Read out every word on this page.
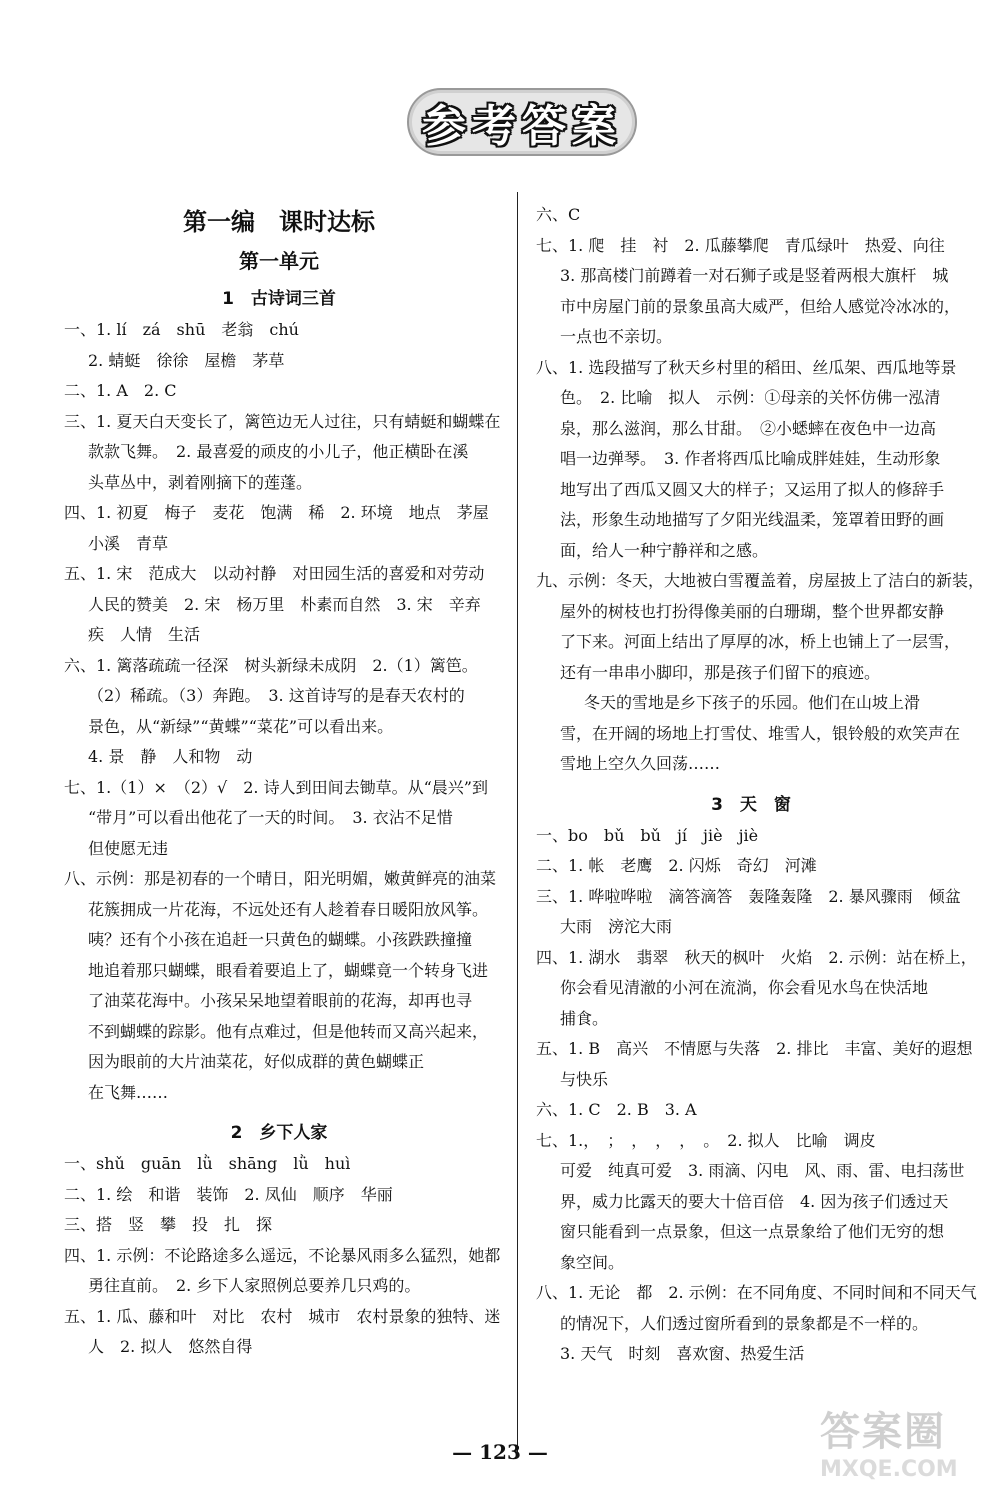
参考答案
第一编　课时达标
第一单元
1　古诗词三首
一、1. lí　zá　shū　老翁　chú
2. 蜻蜓　徐徐　屋檐　茅草
二、1. A　2. C
三、1. 夏天白天变长了，篱笆边无人过往，只有蜻蜓和蝴蝶在
款款飞舞。　2. 最喜爱的顽皮的小儿子，他正横卧在溪
头草丛中，剥着刚摘下的莲蓬。
四、1. 初夏　梅子　麦花　饱满　稀　2. 环境　地点　茅屋
小溪　青草
五、1. 宋　范成大　以动衬静　对田园生活的喜爱和对劳动
人民的赞美　2. 宋　杨万里　朴素而自然　3. 宋　辛弃
疾　人情　生活
六、1. 篱落疏疏一径深　树头新绿未成阴　2.（1）篱笆。
（2）稀疏。（3）奔跑。　3. 这首诗写的是春天农村的
景色，从“新绿”“黄蝶”“菜花”可以看出来。
4. 景　静　人和物　动
七、1.（1）×　（2）√　2. 诗人到田间去锄草。从“晨兴”到
“带月”可以看出他花了一天的时间。　3. 衣沾不足惜
但使愿无违
八、示例：那是初春的一个晴日，阳光明媚，嫩黄鲜亮的油菜
花簇拥成一片花海，不远处还有人趁着春日暖阳放风筝。
咦？还有个小孩在追赶一只黄色的蝴蝶。小孩跌跌撞撞
地追着那只蝴蝶，眼看着要追上了，蝴蝶竟一个转身飞进
了油菜花海中。小孩呆呆地望着眼前的花海，却再也寻
不到蝴蝶的踪影。他有点难过，但是他转而又高兴起来，
因为眼前的大片油菜花，好似成群的黄色蝴蝶正
在飞舞……
2　乡下人家
一、shǔ　guān　lǜ　shāng　lǜ　huì
二、1. 绘　和谐　装饰　2. 凤仙　顺序　华丽
三、搭　竖　攀　投　扎　探
四、1. 示例：不论路途多么遥远，不论暴风雨多么猛烈，她都
勇往直前。　2. 乡下人家照例总要养几只鸡的。
五、1. 瓜、藤和叶　对比　农村　城市　农村景象的独特、迷
人　2. 拟人　悠然自得
六、C
七、1. 爬　挂　衬　2. 瓜藤攀爬　青瓜绿叶　热爱、向往
3. 那高楼门前蹲着一对石狮子或是竖着两根大旗杆　城
市中房屋门前的景象虽高大威严，但给人感觉冷冰冰的，
一点也不亲切。
八、1. 选段描写了秋天乡村里的稻田、丝瓜架、西瓜地等景
色。　2. 比喻　拟人　示例：①母亲的关怀仿佛一泓清
泉，那么滋润，那么甘甜。　②小蟋蟀在夜色中一边高
唱一边弹琴。　3. 作者将西瓜比喻成胖娃娃，生动形象
地写出了西瓜又圆又大的样子；又运用了拟人的修辞手
法，形象生动地描写了夕阳光线温柔，笼罩着田野的画
面，给人一种宁静祥和之感。
九、示例：冬天，大地被白雪覆盖着，房屋披上了洁白的新装，
屋外的树枝也打扮得像美丽的白珊瑚，整个世界都安静
了下来。河面上结出了厚厚的冰，桥上也铺上了一层雪，
还有一串串小脚印，那是孩子们留下的痕迹。
冬天的雪地是乡下孩子的乐园。他们在山坡上滑
雪，在开阔的场地上打雪仗、堆雪人，银铃般的欢笑声在
雪地上空久久回荡……
3　天　窗
一、bo　bǔ　bǔ　jí　jiè　jiè
二、1. 帐　老鹰　2. 闪烁　奇幻　河滩
三、1. 哗啦哗啦　滴答滴答　轰隆轰隆　2. 暴风骤雨　倾盆
大雨　滂沱大雨
四、1. 湖水　翡翠　秋天的枫叶　火焰　2. 示例：站在桥上，
你会看见清澈的小河在流淌，你会看见水鸟在快活地
捕食。
五、1. B　高兴　不情愿与失落　2. 排比　丰富、美好的遐想
与快乐
六、1. C　2. B　3. A
七、1.，　；　，　，　，　。　2. 拟人　比喻　调皮
可爱　纯真可爱　3. 雨滴、闪电　风、雨、雷、电扫荡世
界，威力比露天的要大十倍百倍　4. 因为孩子们透过天
窗只能看到一点景象，但这一点景象给了他们无穷的想
象空间。
八、1. 无论　都　2. 示例：在不同角度、不同时间和不同天气
的情况下，人们透过窗所看到的景象都是不一样的。
3. 天气　时刻　喜欢窗、热爱生活
— 123 —	答案圈
MXQE.COM
